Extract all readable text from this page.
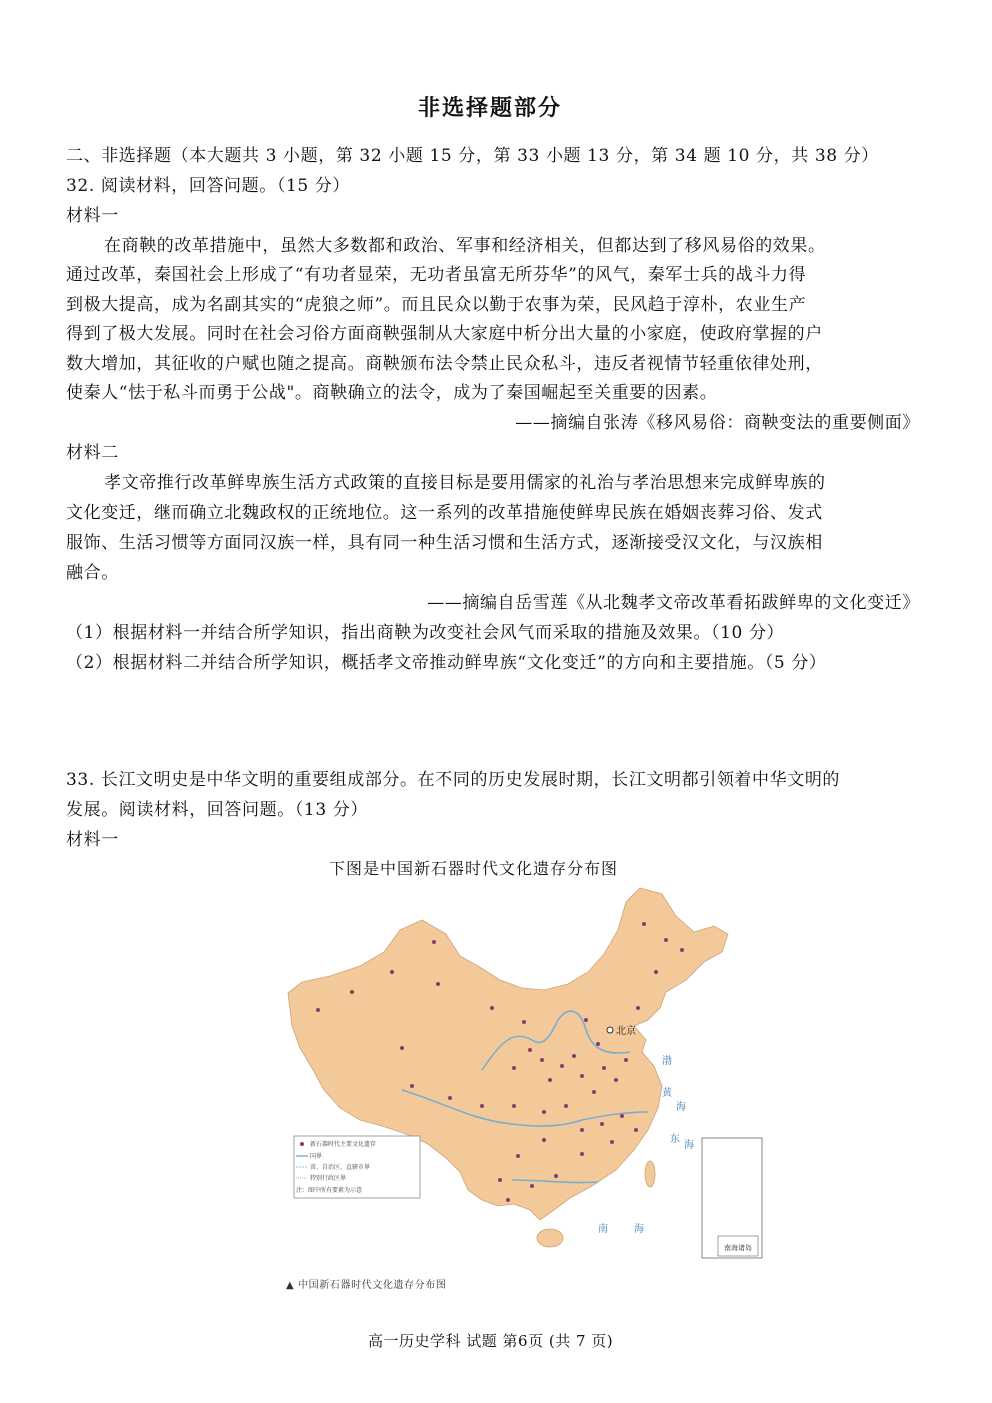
非选择题部分
二、非选择题（本大题共 3 小题，第 32 小题 15 分，第 33 小题 13 分，第 34 题 10 分，共 38 分）
32. 阅读材料，回答问题。（15 分）
材料一
在商鞅的改革措施中，虽然大多数都和政治、军事和经济相关，但都达到了移风易俗的效果。
通过改革，秦国社会上形成了“有功者显荣，无功者虽富无所芬华”的风气，秦军士兵的战斗力得
到极大提高，成为名副其实的“虎狼之师”。而且民众以勤于农事为荣，民风趋于淳朴，农业生产
得到了极大发展。同时在社会习俗方面商鞅强制从大家庭中析分出大量的小家庭，使政府掌握的户
数大增加，其征收的户赋也随之提高。商鞅颁布法令禁止民众私斗，违反者视情节轻重依律处刑，
使秦人“怯于私斗而勇于公战"。商鞅确立的法令，成为了秦国崛起至关重要的因素。
——摘编自张涛《移风易俗：商鞅变法的重要侧面》
材料二
孝文帝推行改革鲜卑族生活方式政策的直接目标是要用儒家的礼治与孝治思想来完成鲜卑族的
文化变迁，继而确立北魏政权的正统地位。这一系列的改革措施使鲜卑民族在婚姻丧葬习俗、发式
服饰、生活习惯等方面同汉族一样，具有同一种生活习惯和生活方式，逐渐接受汉文化，与汉族相
融合。
——摘编自岳雪莲《从北魏孝文帝改革看拓跋鲜卑的文化变迁》
（1）根据材料一并结合所学知识，指出商鞅为改变社会风气而采取的措施及效果。（10 分）
（2）根据材料二并结合所学知识，概括孝文帝推动鲜卑族“文化变迁”的方向和主要措施。（5 分）
33. 长江文明史是中华文明的重要组成部分。在不同的历史发展时期，长江文明都引领着中华文明的
发展。阅读材料，回答问题。（13 分）
材料一
下图是中国新石器时代文化遗存分布图
新石器时代主要文化遗存
国界
省、自治区、直辖市界
特别行政区界
注：图中所有要素为示意
南海诸岛
北京
渤
黄
海
东
海
南	海
▲ 中国新石器时代文化遗存分布图
高一历史学科 试题 第6页 (共 7 页)
